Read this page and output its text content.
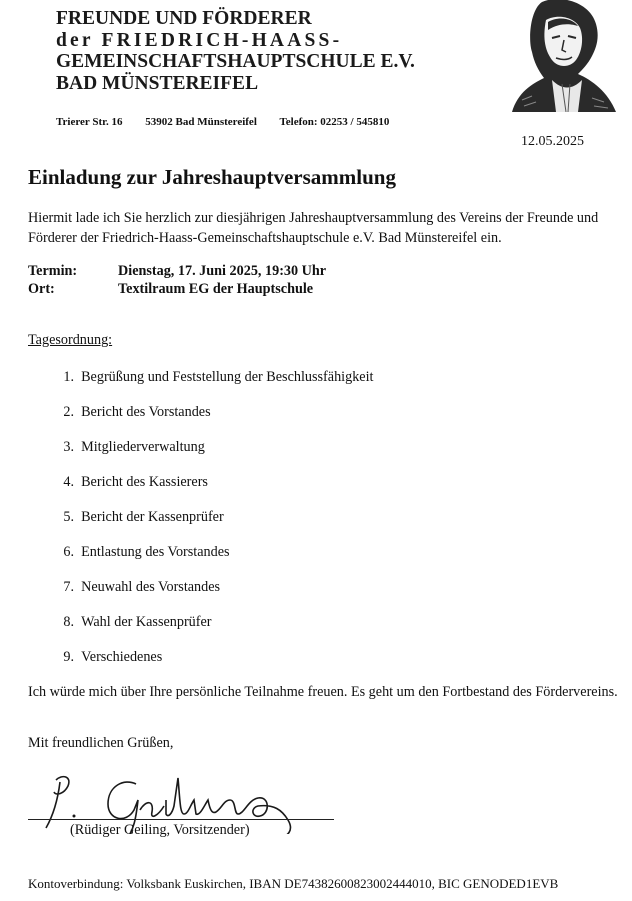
FREUNDE UND FÖRDERER
der FRIEDRICH-HAASS-
GEMEINSCHAFTSHAUPTSCHULE E.V.
BAD MÜNSTEREIFEL
Trierer Str. 16 53902 Bad Münstereifel Telefon: 02253 / 545810
12.05.2025
Einladung zur Jahreshauptversammlung
Hiermit lade ich Sie herzlich zur diesjährigen Jahreshauptversammlung des Vereins der Freunde und Förderer der Friedrich-Haass-Gemeinschaftshauptschule e.V. Bad Münstereifel ein.
Termin:	Dienstag, 17. Juni 2025, 19:30 Uhr
Ort:	Textilraum EG der Hauptschule
Tagesordnung:
1.
Begrüßung und Feststellung der Beschlussfähigkeit
2.
Bericht des Vorstandes
3.
Mitgliederverwaltung
4.
Bericht des Kassierers
5.
Bericht der Kassenprüfer
6.
Entlastung des Vorstandes
7.
Neuwahl des Vorstandes
8.
Wahl der Kassenprüfer
9.
Verschiedenes
Ich würde mich über Ihre persönliche Teilnahme freuen. Es geht um den Fortbestand des Fördervereins.
Mit freundlichen Grüßen,
(Rüdiger Geiling, Vorsitzender)
Kontoverbindung: Volksbank Euskirchen, IBAN DE74382600823002444010, BIC GENODED1EVB
